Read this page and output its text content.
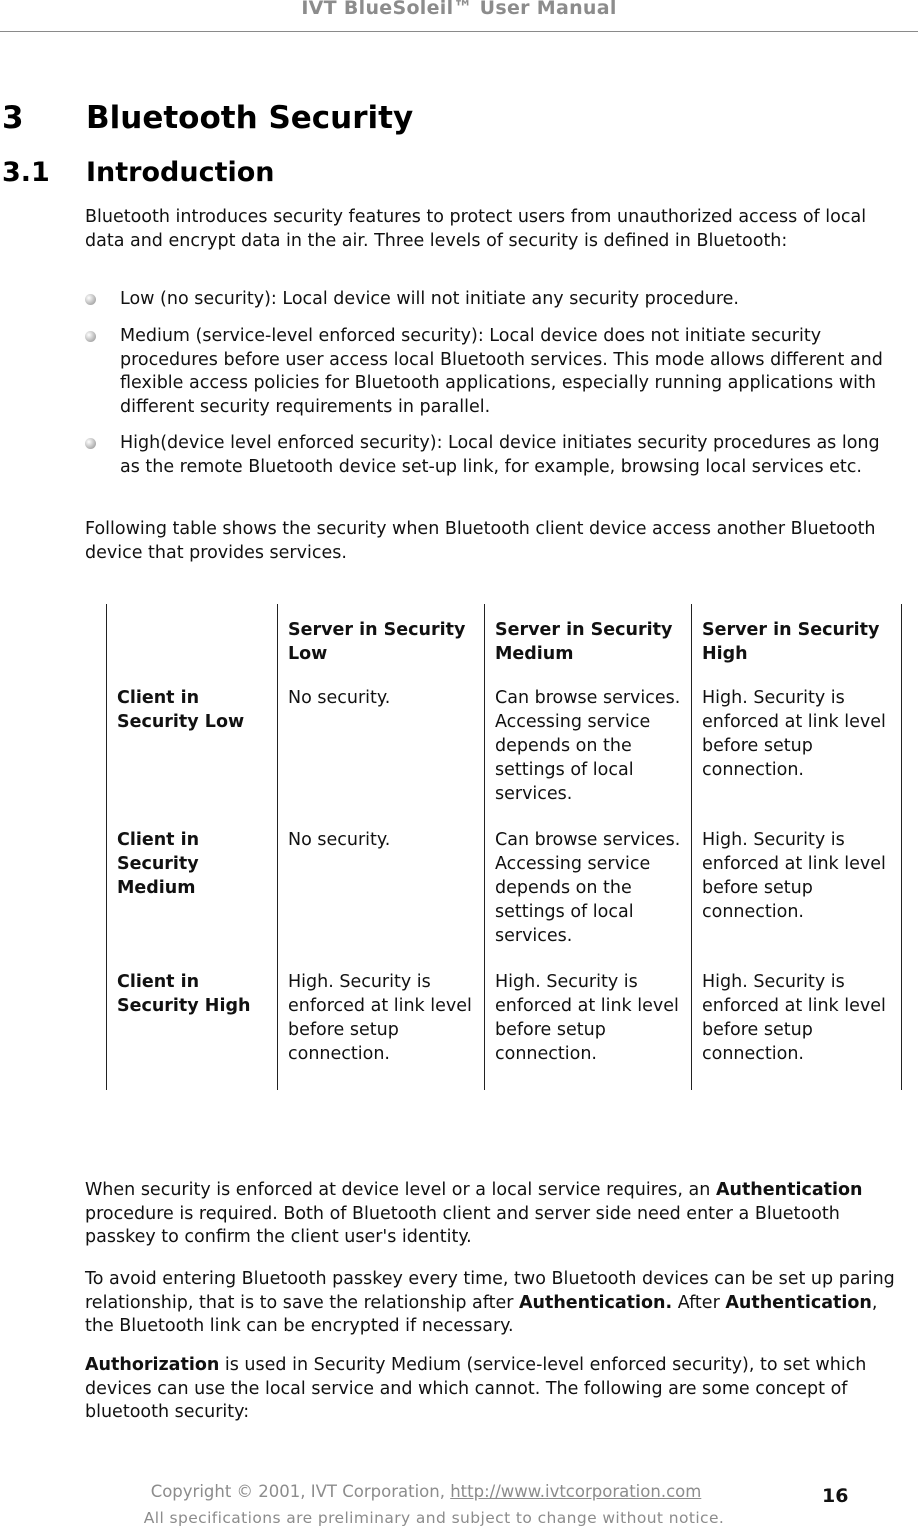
IVT BlueSoleil™ User Manual
3 Bluetooth Security
3.1 Introduction

Bluetooth introduces security features to protect users from unauthorized access of local data and encrypt data in the air. Three levels of security is defined in Bluetooth:

Low (no security): Local device will not initiate any security procedure.
Medium (service-level enforced security): Local device does not initiate security procedures before user access local Bluetooth services. This mode allows different and flexible access policies for Bluetooth applications, especially running applications with different security requirements in parallel.
High(device level enforced security): Local device initiates security procedures as long as the remote Bluetooth device set-up link, for example, browsing local services etc.

Following table shows the security when Bluetooth client device access another Bluetooth device that provides services.

	Server in Security    Low	Server in Security Medium	Server in Security   High
Client in Security Low	No security.	Can browse services. Accessing service depends on the settings of local services.	High. Security is enforced at link level before setup connection.
Client in Security Medium	No security.	Can browse services. Accessing service depends on the settings of local services.	High. Security is enforced at link level before setup connection.
Client in Security High	High. Security is enforced at link level before setup connection.	High. Security is enforced at link level before setup connection.	High. Security is enforced at link level before setup connection.

When security is enforced at device level or a local service requires, an Authentication procedure is required. Both of Bluetooth client and server side need enter a Bluetooth passkey to confirm the client user's identity.

To avoid entering Bluetooth passkey every time, two Bluetooth devices can be set up paring relationship, that is to save the relationship after Authentication. After Authentication, the Bluetooth link can be encrypted if necessary.

Authorization is used in Security Medium (service-level enforced security), to set which devices can use the local service and which cannot. The following are some concept of bluetooth security:

Copyright © 2001, IVT Corporation, http://www.ivtcorporation.com
All specifications are preliminary and subject to change without notice.
16
